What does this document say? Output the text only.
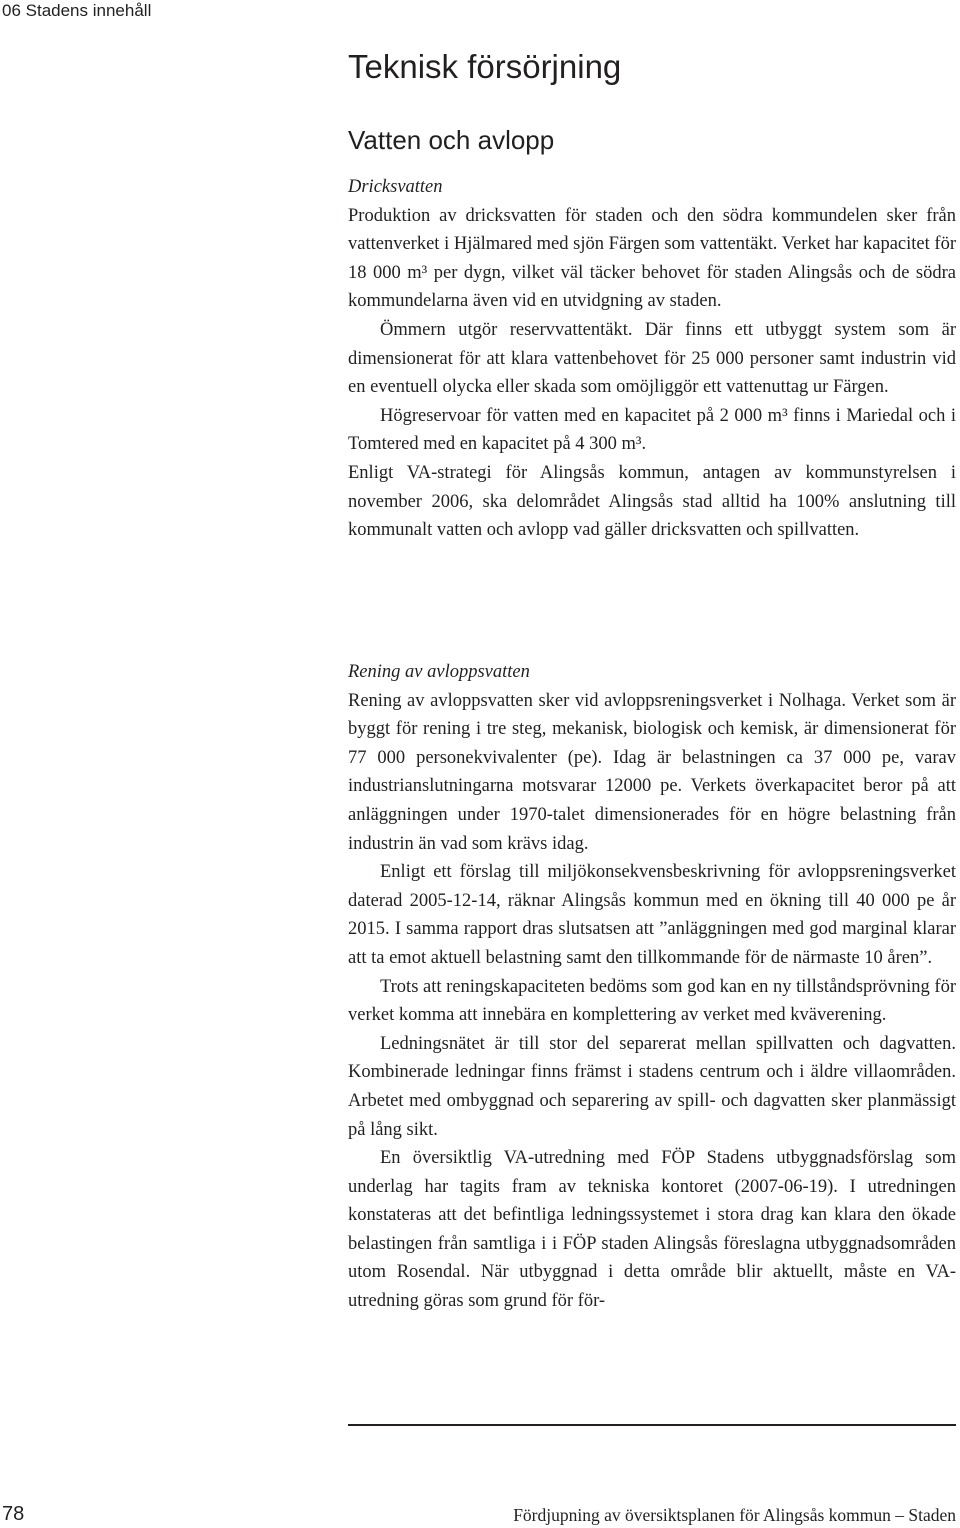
06 Stadens innehåll
Teknisk försörjning
Vatten och avlopp
Dricksvatten

Produktion av dricksvatten för staden och den södra kommundelen sker från vattenverket i Hjälmared med sjön Färgen som vattentäkt. Verket har kapacitet för 18 000 m³ per dygn, vilket väl täcker behovet för staden Alingsås och de södra kommundelarna även vid en utvidgning av staden.

Ömmern utgör reservvattentäkt. Där finns ett utbyggt system som är dimensionerat för att klara vattenbehovet för 25 000 personer samt industrin vid en eventuell olycka eller skada som omöjliggör ett vattenuttag ur Färgen.

Högreservoar för vatten med en kapacitet på 2 000 m³ finns i Mariedal och i Tomtered med en kapacitet på 4 300 m³.

Enligt VA-strategi för Alingsås kommun, antagen av kommunstyrelsen i november 2006, ska delområdet Alingsås stad alltid ha 100% anslutning till kommunalt vatten och avlopp vad gäller dricksvatten och spillvatten.

Rening av avloppsvatten

Rening av avloppsvatten sker vid avloppsreningsverket i Nolhaga. Verket som är byggt för rening i tre steg, mekanisk, biologisk och kemisk, är dimensionerat för 77 000 personekvivalenter (pe). Idag är belastningen ca 37 000 pe, varav industrianslutningarna motsvarar 12000 pe. Verkets överkapacitet beror på att anläggningen under 1970-talet dimensionerades för en högre belastning från industrin än vad som krävs idag.

Enligt ett förslag till miljökonsekvensbeskrivning för avloppsreningsverket daterad 2005-12-14, räknar Alingsås kommun med en ökning till 40 000 pe år 2015. I samma rapport dras slutsatsen att ”anläggningen med god marginal klarar att ta emot aktuell belastning samt den tillkommande för de närmaste 10 åren”.

Trots att reningskapaciteten bedöms som god kan en ny tillståndsprövning för verket komma att innebära en komplettering av verket med kväverening.

Ledningsnätet är till stor del separerat mellan spillvatten och dagvatten. Kombinerade ledningar finns främst i stadens centrum och i äldre villaområden. Arbetet med ombyggnad och separering av spill- och dagvatten sker planmässigt på lång sikt.

En översiktlig VA-utredning med FÖP Stadens utbyggnadsförslag som underlag har tagits fram av tekniska kontoret (2007-06-19). I utredningen konstateras att det befintliga ledningssystemet i stora drag kan klara den ökade belastingen från samtliga i i FÖP staden Alingsås föreslagna utbyggnadsområden utom Rosendal. När utbyggnad i detta område blir aktuellt, måste en VA-utredning göras som grund för för-

78	Fördjupning av översiktsplanen för Alingsås kommun – Staden
